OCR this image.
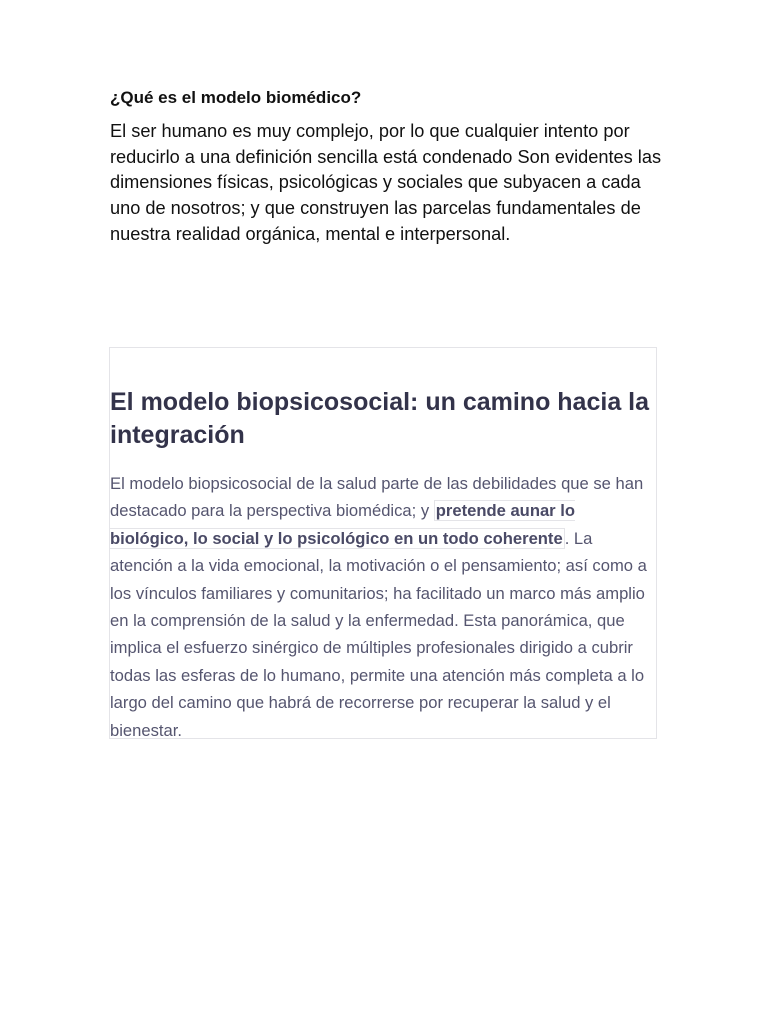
¿Qué es el modelo biomédico?

El ser humano es muy complejo, por lo que cualquier intento por reducirlo a una definición sencilla está condenado Son evidentes las dimensiones físicas, psicológicas y sociales que subyacen a cada uno de nosotros; y que construyen las parcelas fundamentales de nuestra realidad orgánica, mental e interpersonal.

El modelo biopsicosocial: un camino hacia la integración

El modelo biopsicosocial de la salud parte de las debilidades que se han destacado para la perspectiva biomédica; y pretende aunar lo biológico, lo social y lo psicológico en un todo coherente . La atención a la vida emocional, la motivación o el pensamiento; así como a los vínculos familiares y comunitarios; ha facilitado un marco más amplio en la comprensión de la salud y la enfermedad. Esta panorámica, que implica el esfuerzo sinérgico de múltiples profesionales dirigido a cubrir todas las esferas de lo humano, permite una atención más completa a lo largo del camino que habrá de recorrerse por recuperar la salud y el bienestar.
